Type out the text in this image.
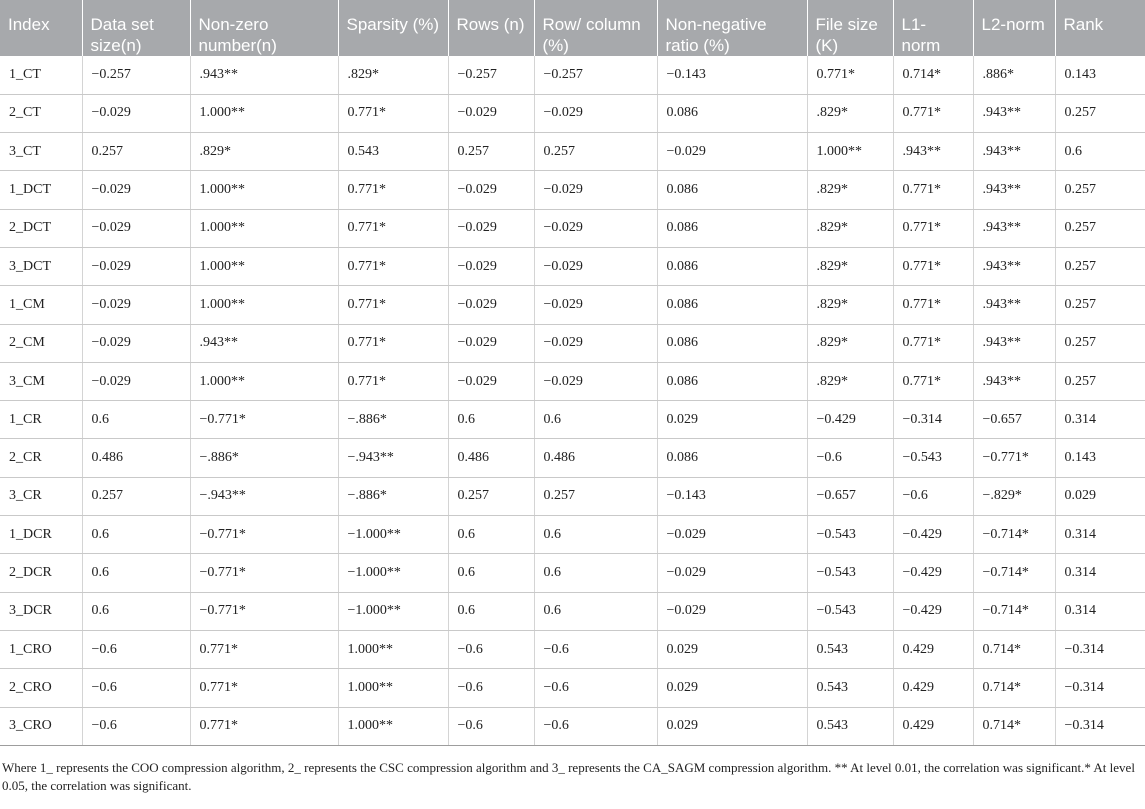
Index	Data set size(n)	Non-zero number(n)	Sparsity (%)	Rows (n)	Row/ column (%)	Non-negative ratio (%)	File size (K)	L1-norm	L2-norm	Rank
1_CT	−0.257	.943**	.829*	−0.257	−0.257	−0.143	0.771*	0.714*	.886*	0.143
2_CT	−0.029	1.000**	0.771*	−0.029	−0.029	0.086	.829*	0.771*	.943**	0.257
3_CT	0.257	.829*	0.543	0.257	0.257	−0.029	1.000**	.943**	.943**	0.6
1_DCT	−0.029	1.000**	0.771*	−0.029	−0.029	0.086	.829*	0.771*	.943**	0.257
2_DCT	−0.029	1.000**	0.771*	−0.029	−0.029	0.086	.829*	0.771*	.943**	0.257
3_DCT	−0.029	1.000**	0.771*	−0.029	−0.029	0.086	.829*	0.771*	.943**	0.257
1_CM	−0.029	1.000**	0.771*	−0.029	−0.029	0.086	.829*	0.771*	.943**	0.257
2_CM	−0.029	.943**	0.771*	−0.029	−0.029	0.086	.829*	0.771*	.943**	0.257
3_CM	−0.029	1.000**	0.771*	−0.029	−0.029	0.086	.829*	0.771*	.943**	0.257
1_CR	0.6	−0.771*	−.886*	0.6	0.6	0.029	−0.429	−0.314	−0.657	0.314
2_CR	0.486	−.886*	−.943**	0.486	0.486	0.086	−0.6	−0.543	−0.771*	0.143
3_CR	0.257	−.943**	−.886*	0.257	0.257	−0.143	−0.657	−0.6	−.829*	0.029
1_DCR	0.6	−0.771*	−1.000**	0.6	0.6	−0.029	−0.543	−0.429	−0.714*	0.314
2_DCR	0.6	−0.771*	−1.000**	0.6	0.6	−0.029	−0.543	−0.429	−0.714*	0.314
3_DCR	0.6	−0.771*	−1.000**	0.6	0.6	−0.029	−0.543	−0.429	−0.714*	0.314
1_CRO	−0.6	0.771*	1.000**	−0.6	−0.6	0.029	0.543	0.429	0.714*	−0.314
2_CRO	−0.6	0.771*	1.000**	−0.6	−0.6	0.029	0.543	0.429	0.714*	−0.314
3_CRO	−0.6	0.771*	1.000**	−0.6	−0.6	0.029	0.543	0.429	0.714*	−0.314
Where 1_ represents the COO compression algorithm, 2_ represents the CSC compression algorithm and 3_ represents the CA_SAGM compression algorithm. ** At level 0.01, the correlation was significant.* At level 0.05, the correlation was significant.
